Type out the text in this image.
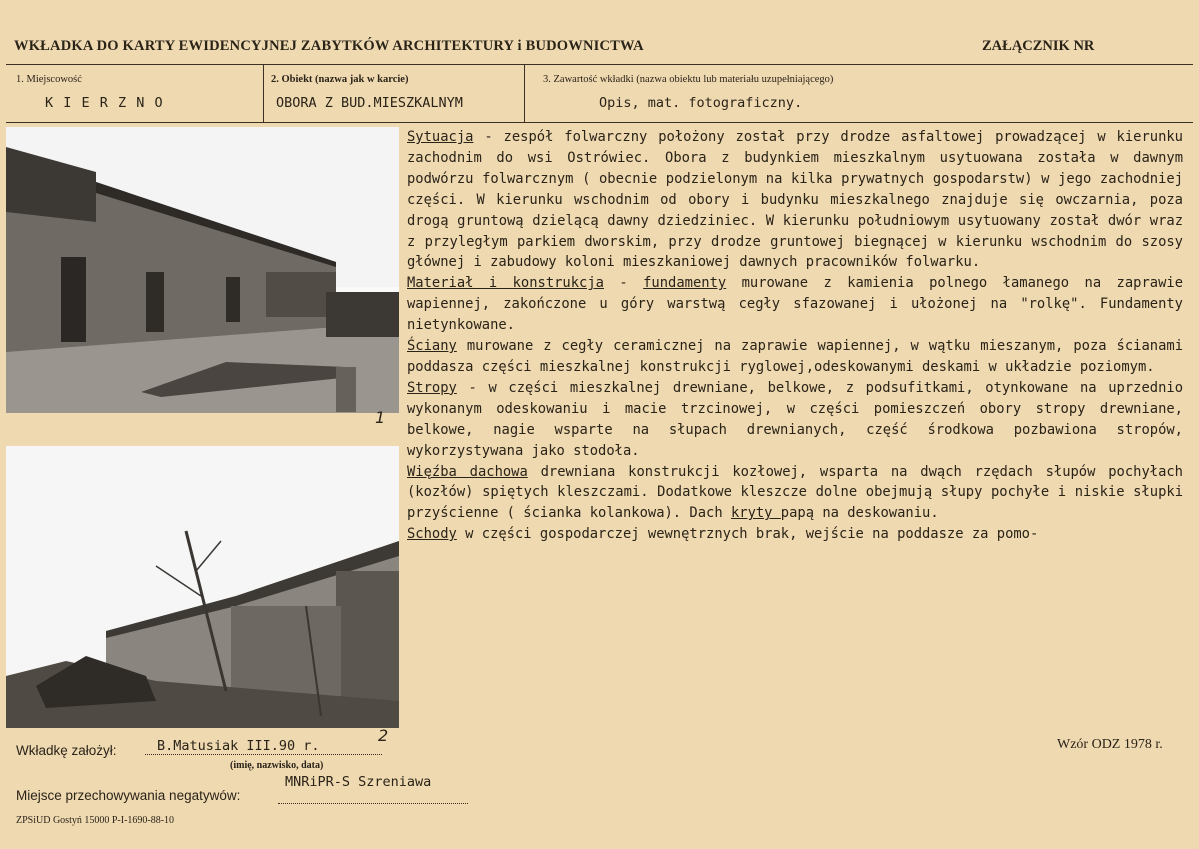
WKŁADKA DO KARTY EWIDENCYJNEJ ZABYTKÓW ARCHITEKTURY i BUDOWNICTWA	ZAŁĄCZNIK NR
1. Miejscowość
K I E R Z N O
2. Obiekt (nazwa jak w karcie)
OBORA Z BUD.MIESZKALNYM
3. Zawartość wkładki (nazwa obiektu lub materiału uzupełniającego)
Opis, mat. fotograficzny.
1
2

Sytuacja - zespół folwarczny położony został przy drodze asfaltowej prowadzącej w kierunku zachodnim do wsi Ostrówiec. Obora z budynkiem mieszkalnym usytuowana została w dawnym podwórzu folwarcznym ( obecnie podzielonym na kilka prywatnych gospodarstw) w jego zachodniej części. W kierunku wschodnim od obory i budynku mieszkalnego znajduje się owczarnia, poza drogą gruntową dzielącą dawny dziedziniec. W kierunku południowym usytuowany został dwór wraz z przyległym parkiem dworskim, przy drodze gruntowej biegnącej w kierunku wschodnim do szosy głównej i zabudowy koloni mieszkaniowej dawnych pracowników folwarku.

Materiał i konstrukcja - fundamenty murowane z kamienia polnego łamanego na zaprawie wapiennej, zakończone u góry warstwą cegły sfazowanej i ułożonej na "rolkę". Fundamenty nietynkowane.

Ściany murowane z cegły ceramicznej na zaprawie wapiennej, w wątku mieszanym, poza ścianami poddasza części mieszkalnej konstrukcji ryglowej,odeskowanymi deskami w układzie poziomym.

Stropy - w części mieszkalnej drewniane, belkowe, z podsufitkami, otynkowane na uprzednio wykonanym odeskowaniu i macie trzcinowej, w części pomieszczeń obory stropy drewniane, belkowe, nagie wsparte na słupach drewnianych, część środkowa pozbawiona stropów, wykorzystywana jako stodoła.

Więźba dachowa drewniana konstrukcji kozłowej, wsparta na dwąch rzędach słupów pochyłach (kozłów) spiętych kleszczami. Dodatkowe kleszcze dolne obejmują słupy pochyłe i niskie słupki przyścienne ( ścianka kolankowa). Dach kryty papą na deskowaniu.

Schody w części gospodarczej wewnętrznych brak, wejście na poddasze za pomo-

Wkładkę założył:	B.Matusiak III.90 r.
(imię, nazwisko, data)
MNRiPR-S Szreniawa
Miejsce przechowywania negatywów:
Wzór ODZ 1978 r.
ZPSiUD Gostyń 15000 P-I-1690-88-10
